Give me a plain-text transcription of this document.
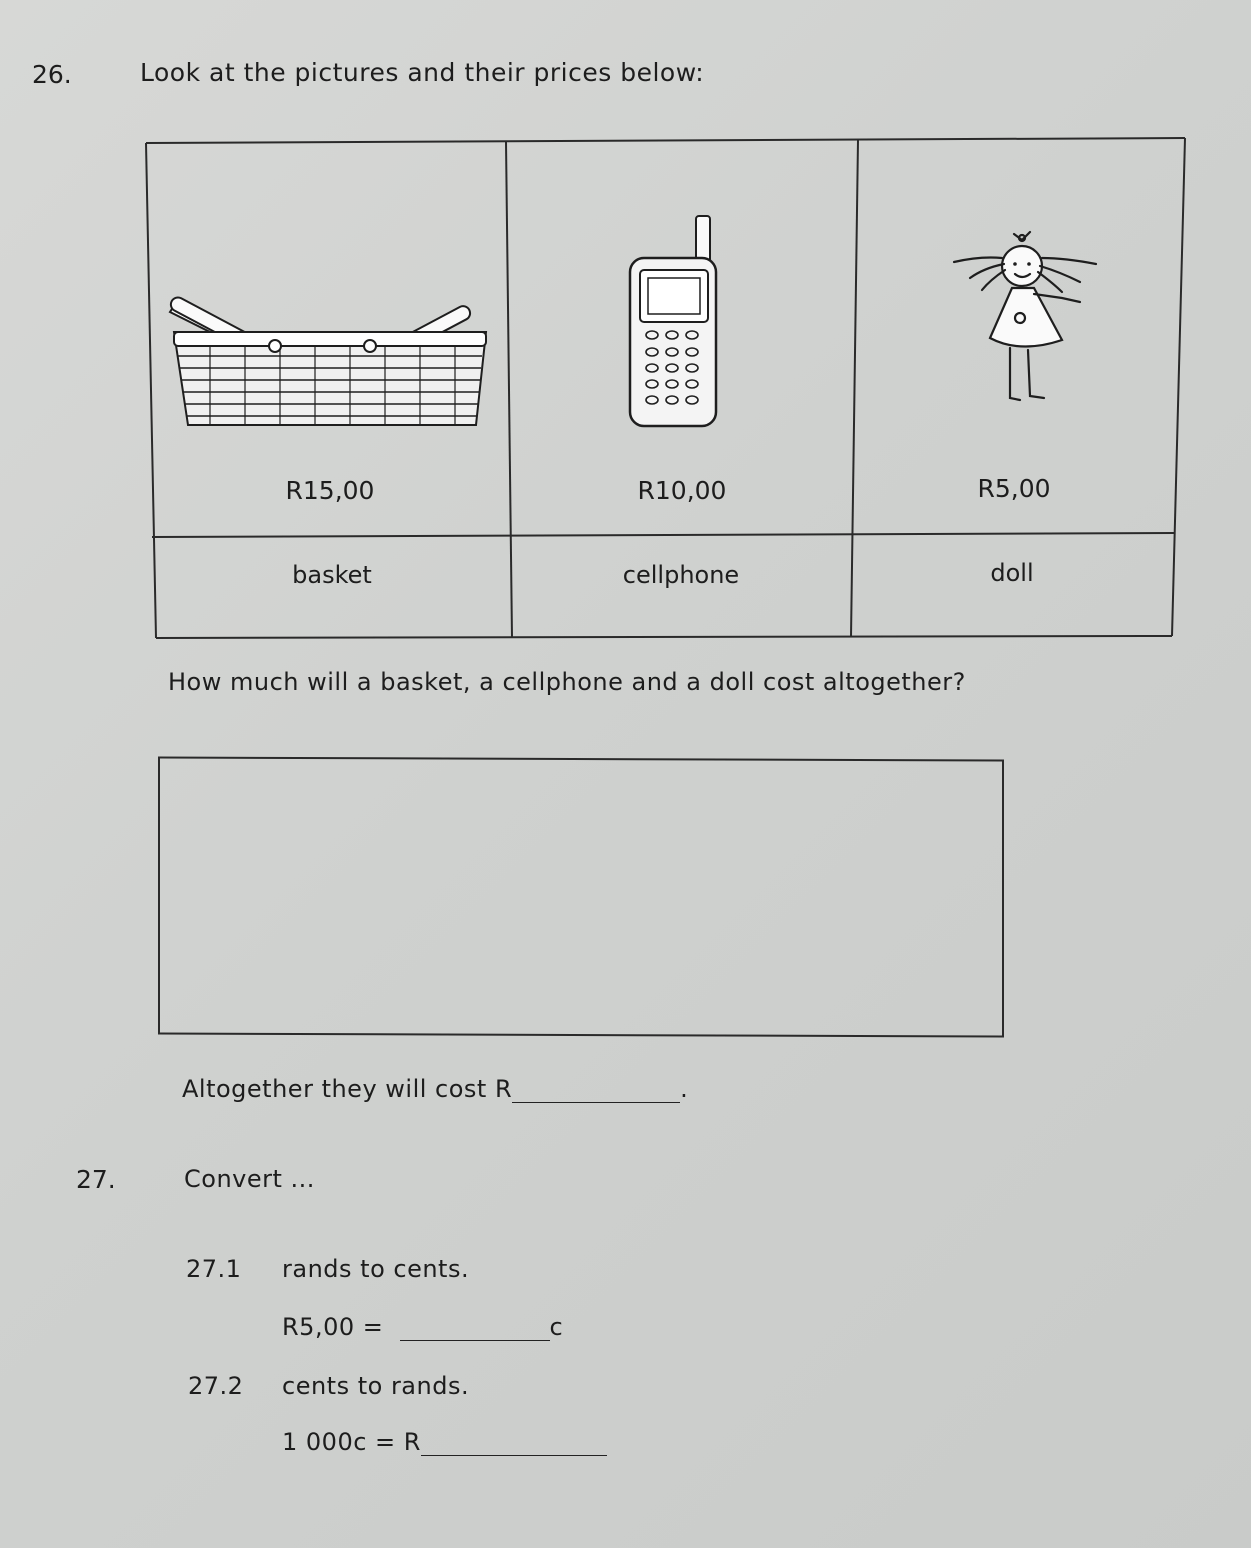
26.	Look at the pictures and their prices below:
R15,00	R10,00	R5,00
basket	cellphone	doll
How much will a basket, a cellphone and a doll cost altogether?
Altogether they will cost R	.
27.	Convert ...
27.1 rands to cents.
R5,00 =	c
27.2 cents to rands.
1 000c = R
